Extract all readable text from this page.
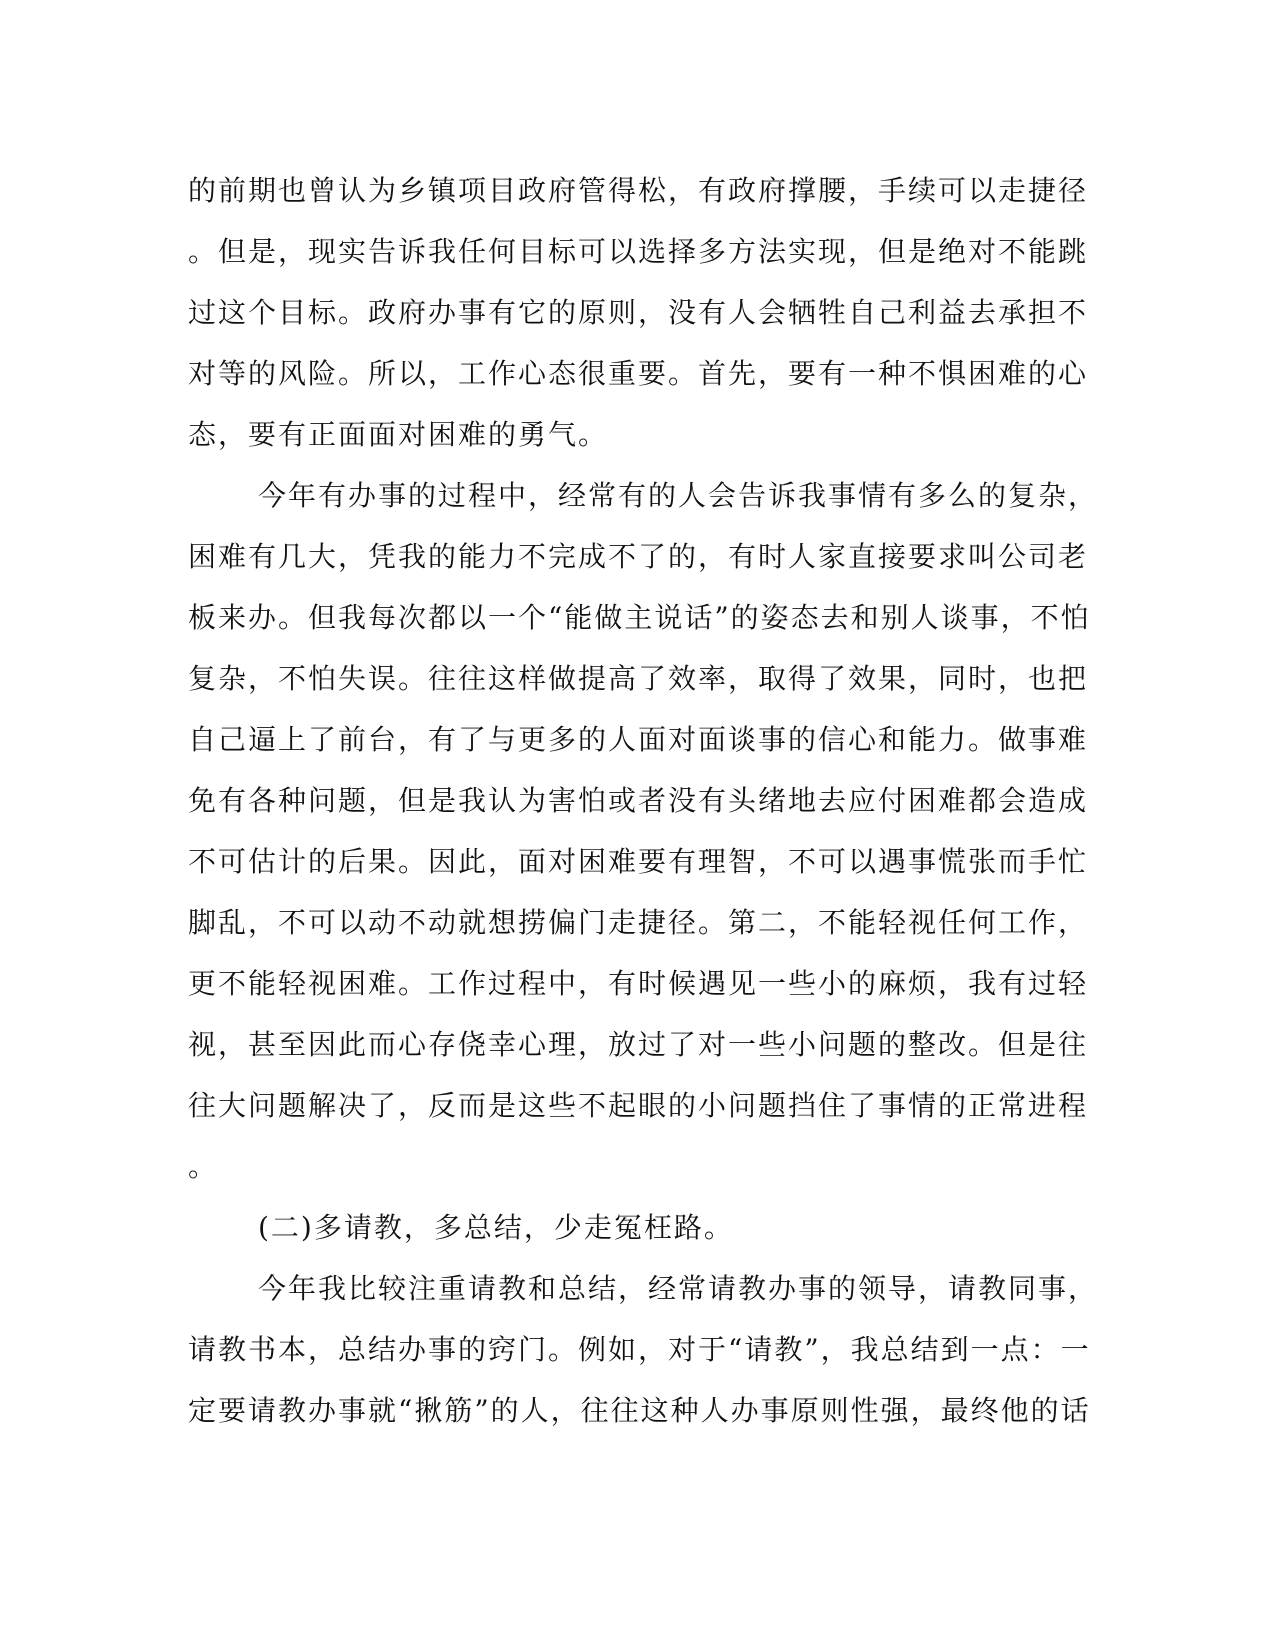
的前期也曾认为乡镇项目政府管得松，有政府撑腰，手续可以走捷径
。但是，现实告诉我任何目标可以选择多方法实现，但是绝对不能跳
过这个目标。政府办事有它的原则，没有人会牺牲自己利益去承担不
对等的风险。所以，工作心态很重要。首先，要有一种不惧困难的心
态，要有正面面对困难的勇气。
今年有办事的过程中，经常有的人会告诉我事情有多么的复杂，
困难有几大，凭我的能力不完成不了的，有时人家直接要求叫公司老
板来办。但我每次都以一个“能做主说话”的姿态去和别人谈事，不怕
复杂，不怕失误。往往这样做提高了效率，取得了效果，同时，也把
自己逼上了前台，有了与更多的人面对面谈事的信心和能力。做事难
免有各种问题，但是我认为害怕或者没有头绪地去应付困难都会造成
不可估计的后果。因此，面对困难要有理智，不可以遇事慌张而手忙
脚乱，不可以动不动就想捞偏门走捷径。第二，不能轻视任何工作，
更不能轻视困难。工作过程中，有时候遇见一些小的麻烦，我有过轻
视，甚至因此而心存侥幸心理，放过了对一些小问题的整改。但是往
往大问题解决了，反而是这些不起眼的小问题挡住了事情的正常进程
。
(二)多请教，多总结，少走冤枉路。
今年我比较注重请教和总结，经常请教办事的领导，请教同事，
请教书本，总结办事的窍门。例如，对于“请教”，我总结到一点：一
定要请教办事就“揪筋”的人，往往这种人办事原则性强，最终他的话
